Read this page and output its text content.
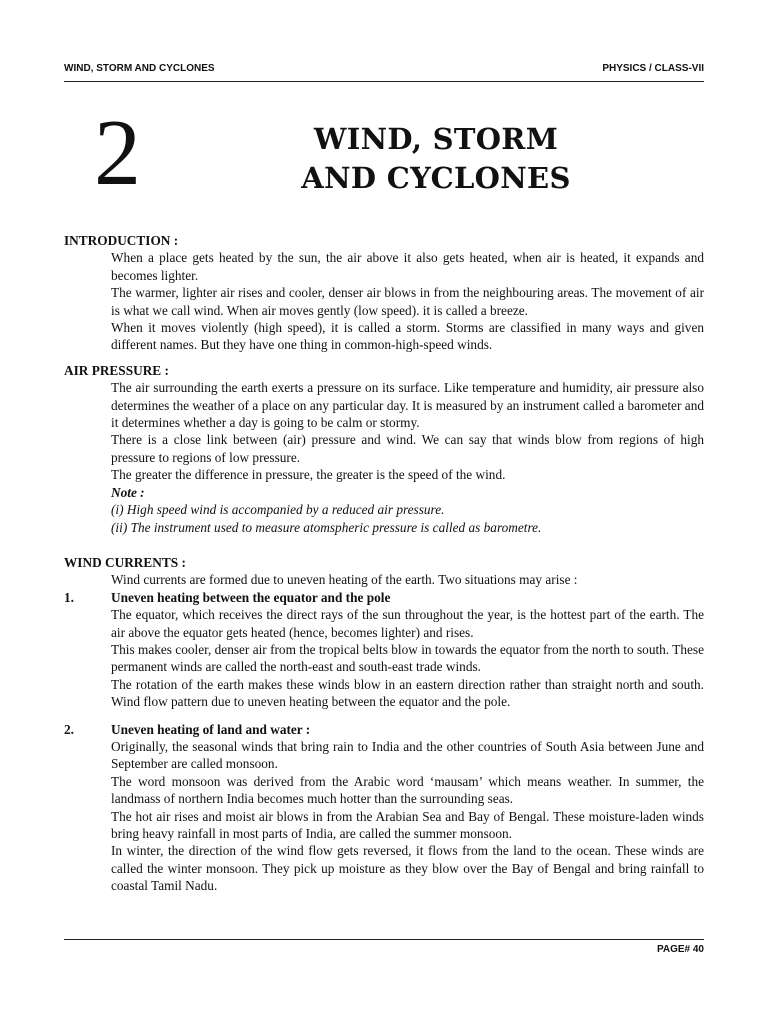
WIND, STORM AND CYCLONES	PHYSICS / CLASS-VII
2	WIND, STORM
AND CYCLONES
INTRODUCTION :
When a place gets heated by the sun, the air above it also gets heated, when air is heated, it expands and becomes lighter.
The warmer, lighter air rises and cooler, denser air blows in from the neighbouring areas. The movement of air is what we call wind. When air moves gently (low speed). it is called a breeze.
When it moves violently (high speed), it is called a storm. Storms are classified in many ways and given different names. But they have one thing in common-high-speed winds.
AIR PRESSURE :
The air surrounding the earth exerts a pressure on its surface. Like temperature and humidity, air pressure also determines the weather of a place on any particular day. It is measured by an instrument called a barometer and it determines whether a day is going to be calm or stormy.
There is a close link between (air) pressure and wind. We can say that winds blow from regions of high pressure to regions of low pressure.
The greater the difference in pressure, the greater is the speed of the wind.
Note :
(i) High speed wind is accompanied by a reduced air pressure.
(ii) The instrument used to measure atomspheric pressure is called as barometre.
WIND CURRENTS :
Wind currents are formed due to uneven heating of the earth. Two situations may arise :
1.	Uneven heating between the equator and the pole
The equator, which receives the direct rays of the sun throughout the year, is the hottest part of the earth. The air above the equator gets heated (hence, becomes lighter) and rises.
This makes cooler, denser air from the tropical belts blow in towards the equator from the north to south. These permanent winds are called the north-east and south-east trade winds.
The rotation of the earth makes these winds blow in an eastern direction rather than straight north and south. Wind flow pattern due to uneven heating between the equator and the pole.
2.	Uneven heating of land and water :
Originally, the seasonal winds that bring rain to India and the other countries of South Asia between June and September are called monsoon.
The word monsoon was derived from the Arabic word ‘mausam’ which means weather. In summer, the landmass of northern India becomes much hotter than the surrounding seas.
The hot air rises and moist air blows in from the Arabian Sea and Bay of Bengal. These moisture-laden winds bring heavy rainfall in most parts of India, are called the summer monsoon.
In winter, the direction of the wind flow gets reversed, it flows from the land to the ocean. These winds are called the winter monsoon. They pick up moisture as they blow over the Bay of Bengal and bring rainfall to coastal Tamil Nadu.
PAGE# 40
